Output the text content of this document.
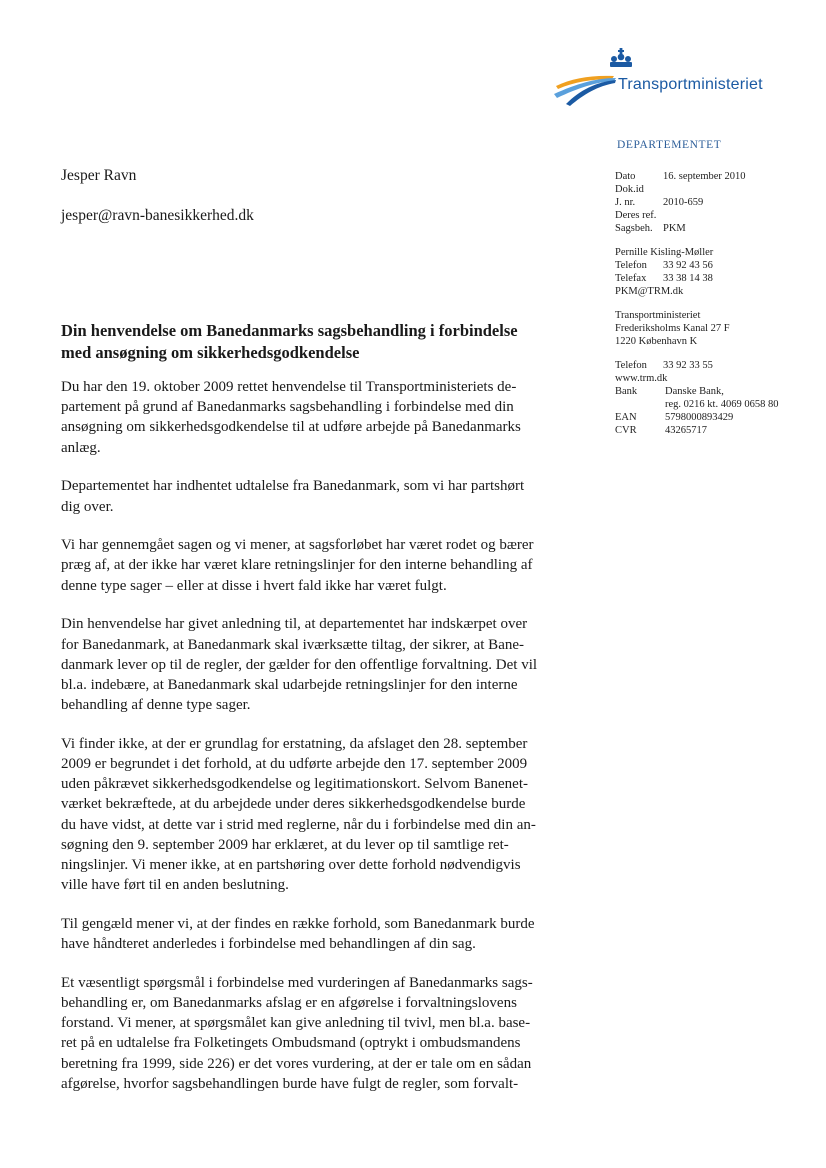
Transportministeriet
DEPARTEMENTET
Dato	16. september 2010
Dok.id
J. nr.	2010-659
Deres ref.
Sagsbeh. PKM
Pernille Kisling-Møller
Telefon	33 92 43 56
Telefax	33 38 14 38
PKM@TRM.dk
Transportministeriet
Frederiksholms Kanal 27 F
1220 København K
Telefon	33 92 33 55
www.trm.dk
Bank	Danske Bank,
reg. 0216 kt. 4069 0658 80
EAN	5798000893429
CVR	43265717
Jesper Ravn
jesper@ravn-banesikkerhed.dk
Din henvendelse om Banedanmarks sagsbehandling i forbindelse
med ansøgning om sikkerhedsgodkendelse

Du har den 19. oktober 2009 rettet henvendelse til Transportministeriets de-
partement på grund af Banedanmarks sagsbehandling i forbindelse med din
ansøgning om sikkerhedsgodkendelse til at udføre arbejde på Banedanmarks
anlæg.

Departementet har indhentet udtalelse fra Banedanmark, som vi har partshørt
dig over.

Vi har gennemgået sagen og vi mener, at sagsforløbet har været rodet og bærer
præg af, at der ikke har været klare retningslinjer for den interne behandling af
denne type sager – eller at disse i hvert fald ikke har været fulgt.

Din henvendelse har givet anledning til, at departementet har indskærpet over
for Banedanmark, at Banedanmark skal iværksætte tiltag, der sikrer, at Bane-
danmark lever op til de regler, der gælder for den offentlige forvaltning. Det vil
bl.a. indebære, at Banedanmark skal udarbejde retningslinjer for den interne
behandling af denne type sager.

Vi finder ikke, at der er grundlag for erstatning, da afslaget den 28. september
2009 er begrundet i det forhold, at du udførte arbejde den 17. september 2009
uden påkrævet sikkerhedsgodkendelse og legitimationskort. Selvom Banenet-
værket bekræftede, at du arbejdede under deres sikkerhedsgodkendelse burde
du have vidst, at dette var i strid med reglerne, når du i forbindelse med din an-
søgning den 9. september 2009 har erklæret, at du lever op til samtlige ret-
ningslinjer. Vi mener ikke, at en partshøring over dette forhold nødvendigvis
ville have ført til en anden beslutning.

Til gengæld mener vi, at der findes en række forhold, som Banedanmark burde
have håndteret anderledes i forbindelse med behandlingen af din sag.

Et væsentligt spørgsmål i forbindelse med vurderingen af Banedanmarks sags-
behandling er, om Banedanmarks afslag er en afgørelse i forvaltningslovens
forstand. Vi mener, at spørgsmålet kan give anledning til tvivl, men bl.a. base-
ret på en udtalelse fra Folketingets Ombudsmand (optrykt i ombudsmandens
beretning fra 1999, side 226) er det vores vurdering, at der er tale om en sådan
afgørelse, hvorfor sagsbehandlingen burde have fulgt de regler, som forvalt-
